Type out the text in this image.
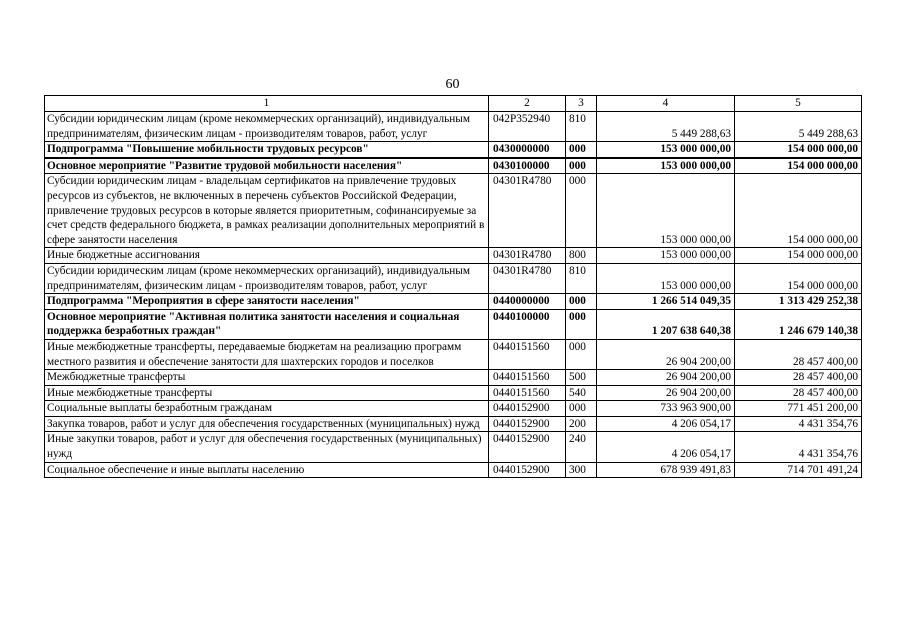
60
1	2	3	4	5
Субсидии юридическим лицам (кроме некоммерческих организаций), индивидуальным предпринимателям, физическим лицам - производителям товаров, работ, услуг	042P352940	810	5 449 288,63	5 449 288,63
Подпрограмма "Повышение мобильности трудовых ресурсов"	0430000000	000	153 000 000,00	154 000 000,00
Основное мероприятие "Развитие трудовой мобильности населения"	0430100000	000	153 000 000,00	154 000 000,00
Субсидии юридическим лицам - владельцам сертификатов на привлечение трудовых ресурсов из субъектов, не включенных в перечень субъектов Российской Федерации, привлечение трудовых ресурсов в которые является приоритетным, софинансируемые за счет средств федерального бюджета, в рамках реализации дополнительных мероприятий в сфере занятости населения	04301R4780	000	153 000 000,00	154 000 000,00
Иные бюджетные ассигнования	04301R4780	800	153 000 000,00	154 000 000,00
Субсидии юридическим лицам (кроме некоммерческих организаций), индивидуальным предпринимателям, физическим лицам - производителям товаров, работ, услуг	04301R4780	810	153 000 000,00	154 000 000,00
Подпрограмма "Мероприятия в сфере занятости населения"	0440000000	000	1 266 514 049,35	1 313 429 252,38
Основное мероприятие "Активная политика занятости населения и социальная поддержка безработных граждан"	0440100000	000	1 207 638 640,38	1 246 679 140,38
Иные межбюджетные трансферты, передаваемые бюджетам на реализацию программ местного развития и обеспечение занятости для шахтерских городов и поселков	0440151560	000	26 904 200,00	28 457 400,00
Межбюджетные трансферты	0440151560	500	26 904 200,00	28 457 400,00
Иные межбюджетные трансферты	0440151560	540	26 904 200,00	28 457 400,00
Социальные выплаты безработным гражданам	0440152900	000	733 963 900,00	771 451 200,00
Закупка товаров, работ и услуг для обеспечения государственных (муниципальных) нужд	0440152900	200	4 206 054,17	4 431 354,76
Иные закупки товаров, работ и услуг для обеспечения государственных (муниципальных) нужд	0440152900	240	4 206 054,17	4 431 354,76
Социальное обеспечение и иные выплаты населению	0440152900	300	678 939 491,83	714 701 491,24
